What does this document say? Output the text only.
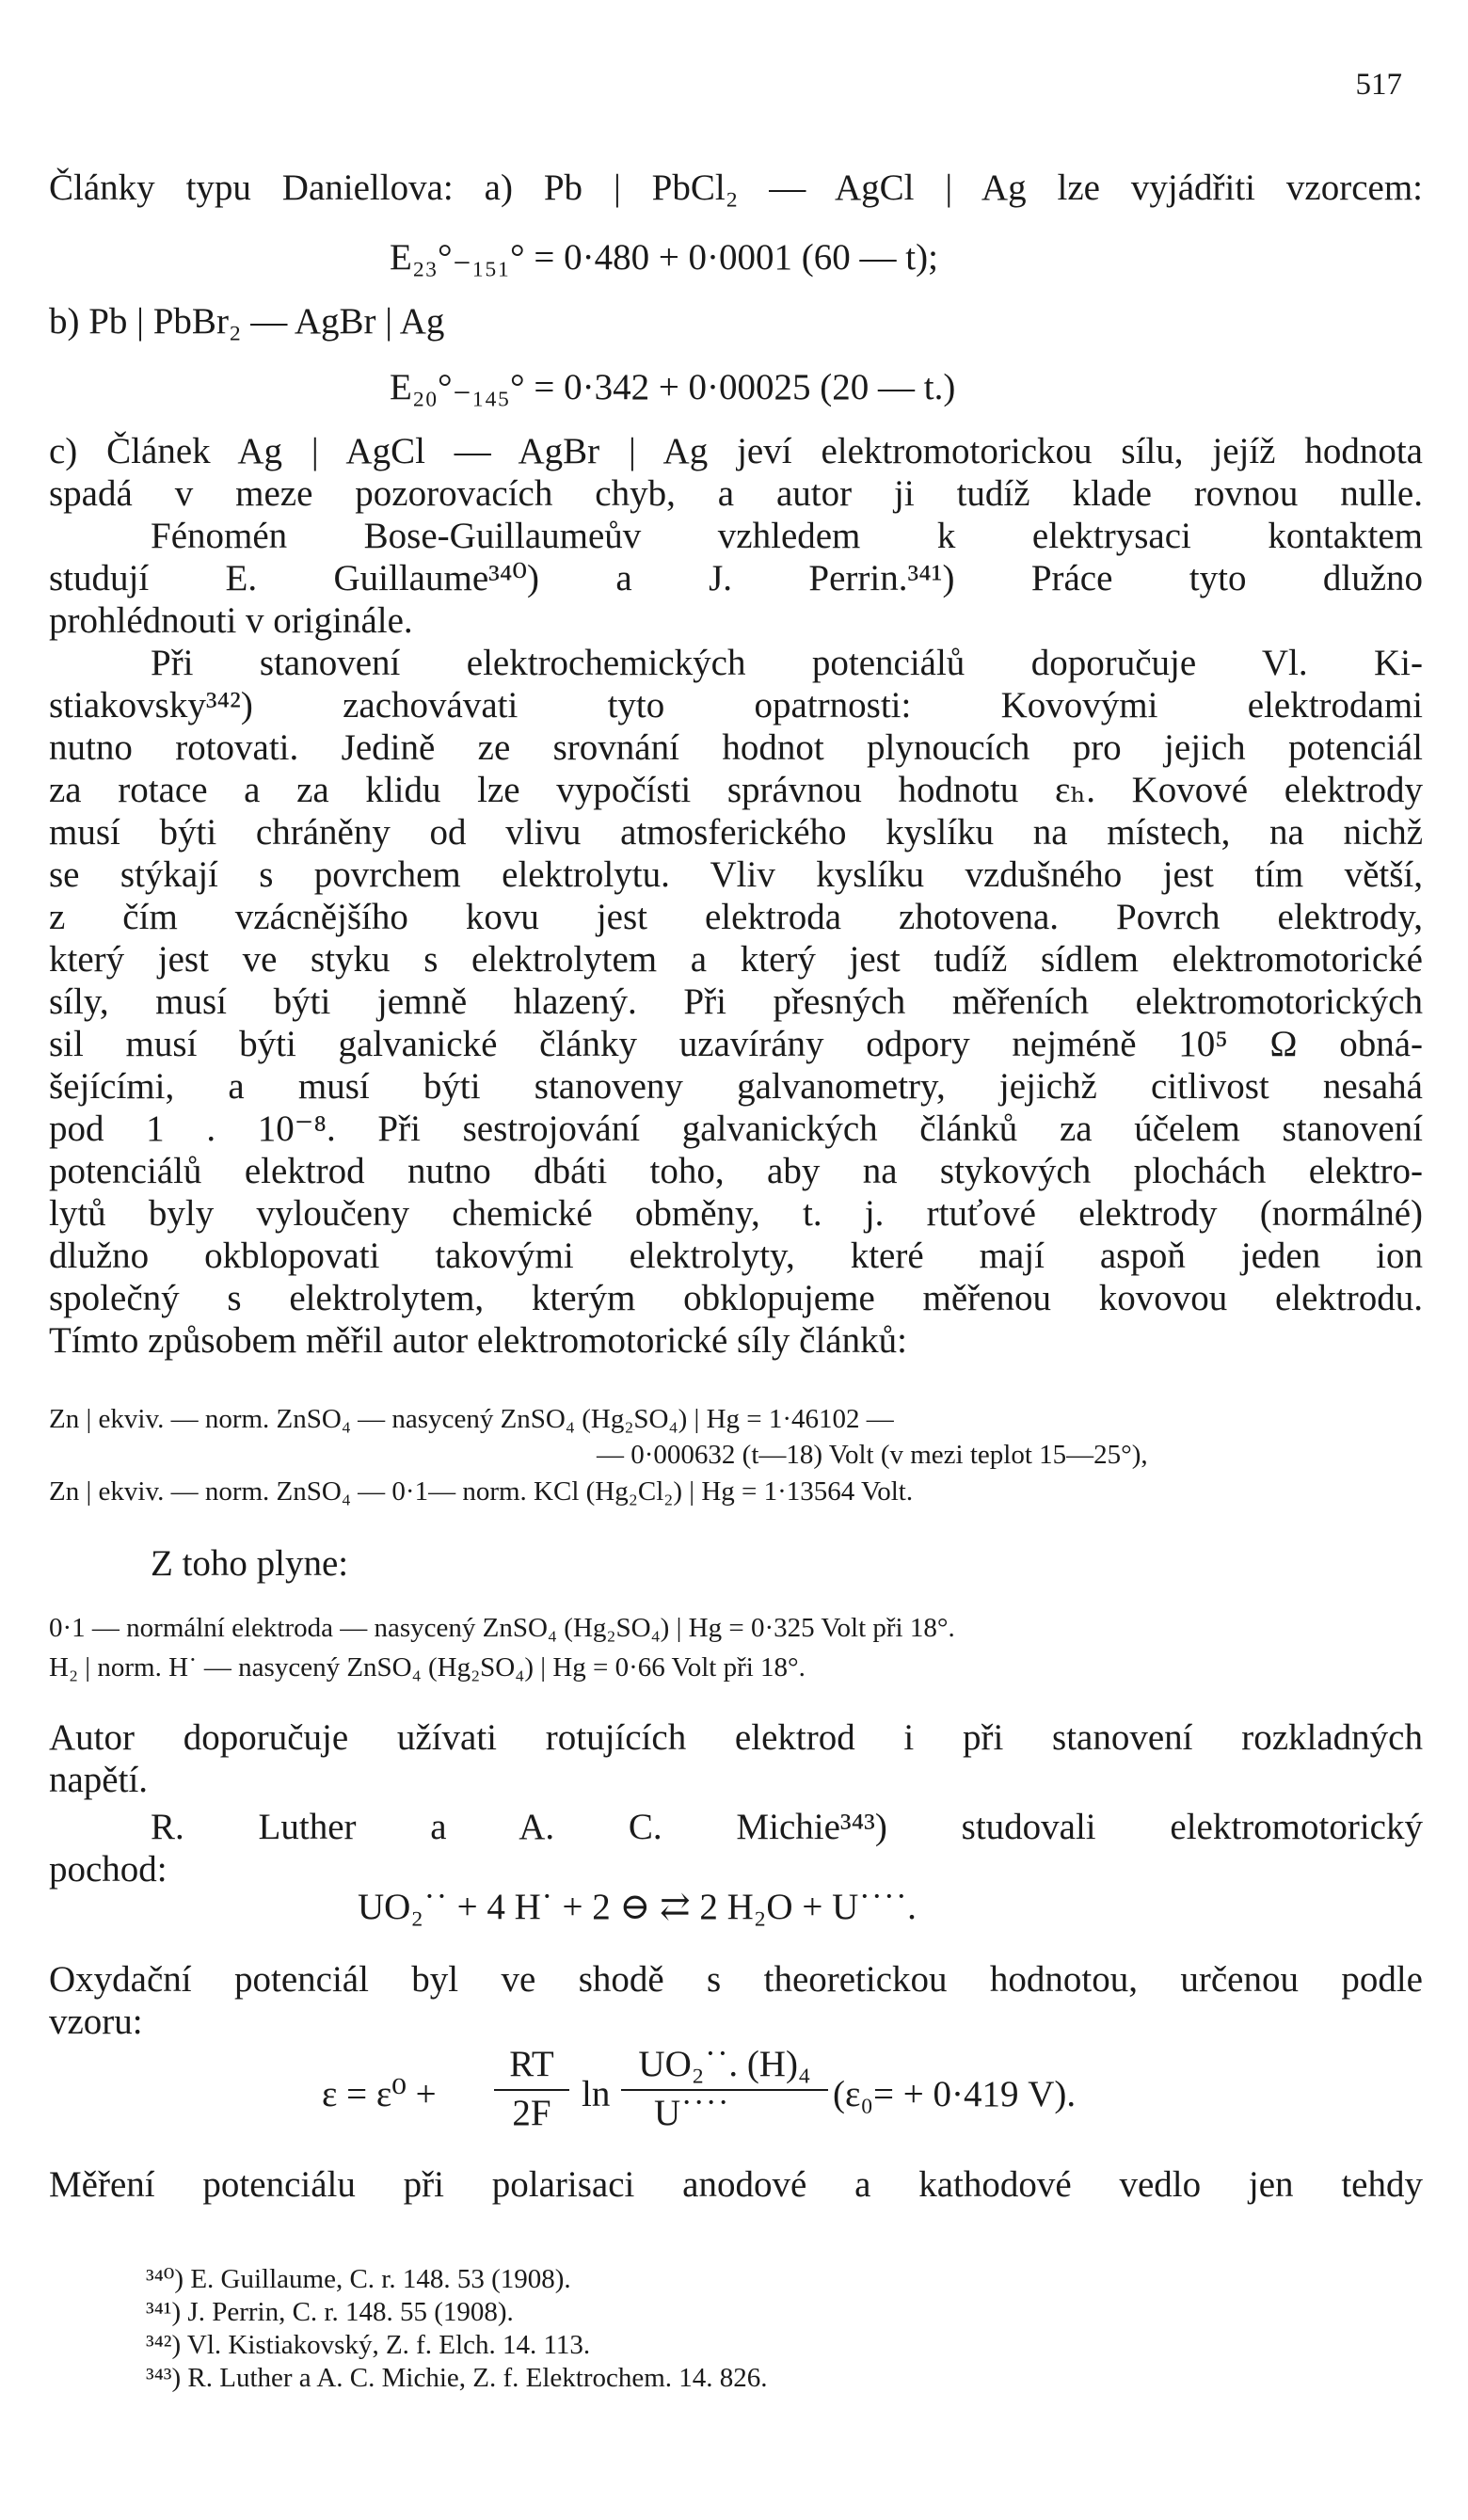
517
Články typu Daniellova: a) Pb | PbCl₂ — AgCl | Ag lze vyjádřiti vzorcem:
E₂₃°₋₁₅₁° = 0·480 + 0·0001 (60 — t);
b) Pb | PbBr₂ — AgBr | Ag
E₂₀°₋₁₄₅° = 0·342 + 0·00025 (20 — t.)
c) Článek Ag | AgCl — AgBr | Ag jeví elektromotorickou sílu, jejíž hodnota
spadá v meze pozorovacích chyb, a autor ji tudíž klade rovnou nulle.
Fénomén Bose-Guillaumeův vzhledem k elektrysaci kontaktem
studují E. Guillaume³⁴⁰) a J. Perrin.³⁴¹) Práce tyto dlužno
prohlédnouti v originále.
Při stanovení elektrochemických potenciálů doporučuje Vl. Ki-
stiakovsky³⁴²) zachovávati tyto opatrnosti: Kovovými elektrodami
nutno rotovati. Jedině ze srovnání hodnot plynoucích pro jejich potenciál
za rotace a za klidu lze vypočísti správnou hodnotu εₕ. Kovové elektrody
musí býti chráněny od vlivu atmosferického kyslíku na místech, na nichž
se stýkají s povrchem elektrolytu. Vliv kyslíku vzdušného jest tím větší,
z čím vzácnějšího kovu jest elektroda zhotovena. Povrch elektrody,
který jest ve styku s elektrolytem a který jest tudíž sídlem elektromotorické
síly, musí býti jemně hlazený. Při přesných měřeních elektromotorických
sil musí býti galvanické články uzavírány odpory nejméně 10⁵ Ω obná-
šejícími, a musí býti stanoveny galvanometry, jejichž citlivost nesahá
pod 1 . 10⁻⁸. Při sestrojování galvanických článků za účelem stanovení
potenciálů elektrod nutno dbáti toho, aby na stykových plochách elektro-
lytů byly vyloučeny chemické obměny, t. j. rtuťové elektrody (normálné)
dlužno okblopovati takovými elektrolyty, které mají aspoň jeden ion
společný s elektrolytem, kterým obklopujeme měřenou kovovou elektrodu.
Tímto způsobem měřil autor elektromotorické síly článků:
Zn | ekviv. — norm. ZnSO₄ — nasycený ZnSO₄ (Hg₂SO₄) | Hg = 1·46102 —
— 0·000632 (t—18) Volt (v mezi teplot 15—25°),
Zn | ekviv. — norm. ZnSO₄ — 0·1— norm. KCl (Hg₂Cl₂) | Hg = 1·13564 Volt.
Z toho plyne:
0·1 — normální elektroda — nasycený ZnSO₄ (Hg₂SO₄) | Hg = 0·325 Volt při 18°.
H₂ | norm. H˙ — nasycený ZnSO₄ (Hg₂SO₄) | Hg = 0·66 Volt při 18°.
Autor doporučuje užívati rotujících elektrod i při stanovení rozkladných
napětí.
R. Luther a A. C. Michie³⁴³) studovali elektromotorický
pochod:
UO₂˙˙ + 4 H˙ + 2 ⊖ ⇄ 2 H₂O + U˙˙˙˙.
Oxydační potenciál byl ve shodě s theoretickou hodnotou, určenou podle
vzoru:
ε = ε⁰ +
RT
2F ln
UO₂˙˙. (H)₄
U˙˙˙˙	(ε₀= + 0·419 V).
Měření potenciálu při polarisaci anodové a kathodové vedlo jen tehdy
³⁴⁰) E. Guillaume, C. r. 148. 53 (1908).
³⁴¹) J. Perrin, C. r. 148. 55 (1908).
³⁴²) Vl. Kistiakovský, Z. f. Elch. 14. 113.
³⁴³) R. Luther a A. C. Michie, Z. f. Elektrochem. 14. 826.
